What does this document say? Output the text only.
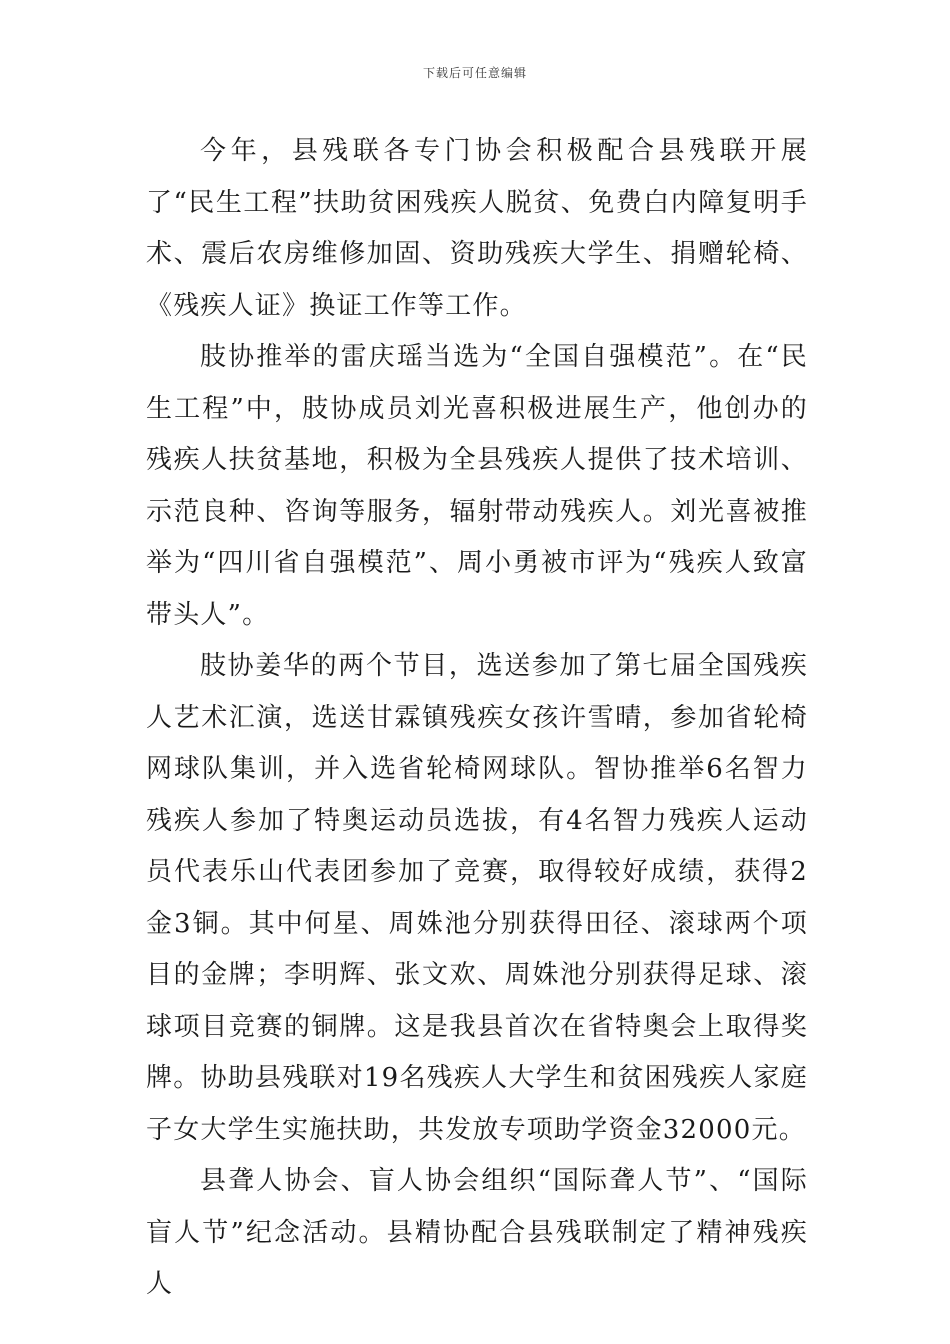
下载后可任意编辑

今年，县残联各专门协会积极配合县残联开展了“民生工程”扶助贫困残疾人脱贫、免费白内障复明手术、震后农房维修加固、资助残疾大学生、捐赠轮椅、《残疾人证》换证工作等工作。

肢协推举的雷庆瑶当选为“全国自强模范”。在“民生工程”中，肢协成员刘光喜积极进展生产，他创办的残疾人扶贫基地，积极为全县残疾人提供了技术培训、示范良种、咨询等服务，辐射带动残疾人。刘光喜被推举为“四川省自强模范”、周小勇被市评为“残疾人致富带头人”。

肢协姜华的两个节目，选送参加了第七届全国残疾人艺术汇演，选送甘霖镇残疾女孩许雪晴，参加省轮椅网球队集训，并入选省轮椅网球队。智协推举6名智力残疾人参加了特奥运动员选拔，有4名智力残疾人运动员代表乐山代表团参加了竞赛，取得较好成绩，获得2金3铜。其中何星、周姝池分别获得田径、滚球两个项目的金牌；李明辉、张文欢、周姝池分别获得足球、滚球项目竞赛的铜牌。这是我县首次在省特奥会上取得奖牌。协助县残联对19名残疾人大学生和贫困残疾人家庭子女大学生实施扶助，共发放专项助学资金32000元。

县聋人协会、盲人协会组织“国际聋人节”、“国际盲人节”纪念活动。县精协配合县残联制定了精神残疾人
